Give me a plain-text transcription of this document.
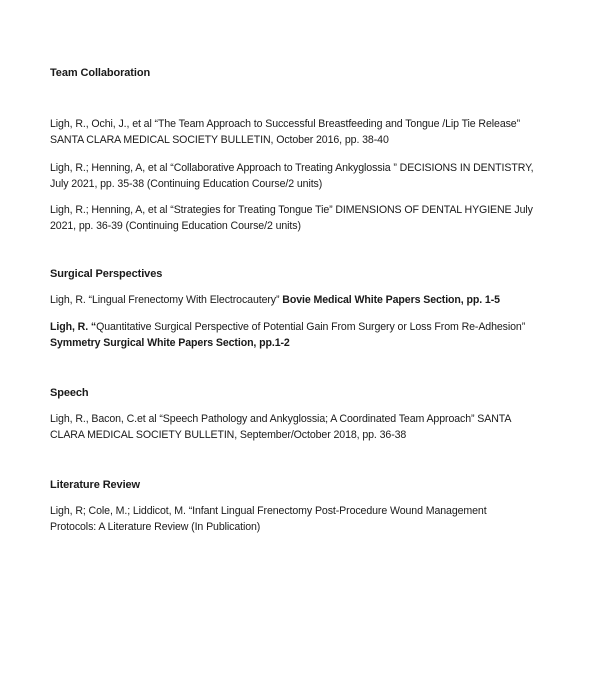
Team Collaboration
Ligh, R., Ochi, J., et al “The Team Approach to Successful Breastfeeding and Tongue /Lip Tie Release”
SANTA CLARA MEDICAL SOCIETY BULLETIN, October 2016, pp. 38-40
Ligh, R.; Henning, A, et al “Collaborative Approach to Treating Ankyglossia ” DECISIONS IN DENTISTRY,
July 2021, pp. 35-38 (Continuing Education Course/2 units)
Ligh, R.; Henning, A, et al “Strategies for Treating Tongue Tie” DIMENSIONS OF DENTAL HYGIENE July
2021, pp. 36-39 (Continuing Education Course/2 units)
Surgical Perspectives
Ligh, R. “Lingual Frenectomy With Electrocautery” Bovie Medical White Papers Section, pp. 1-5
Ligh, R. “Quantitative Surgical Perspective of Potential Gain From Surgery or Loss From Re-Adhesion”
Symmetry Surgical White Papers Section, pp.1-2
Speech
Ligh, R., Bacon, C.et al “Speech Pathology and Ankyglossia; A Coordinated Team Approach” SANTA
CLARA MEDICAL SOCIETY BULLETIN, September/October 2018, pp. 36-38
Literature Review
Ligh, R; Cole, M.; Liddicot, M. “Infant Lingual Frenectomy Post-Procedure Wound Management
Protocols: A Literature Review (In Publication)
